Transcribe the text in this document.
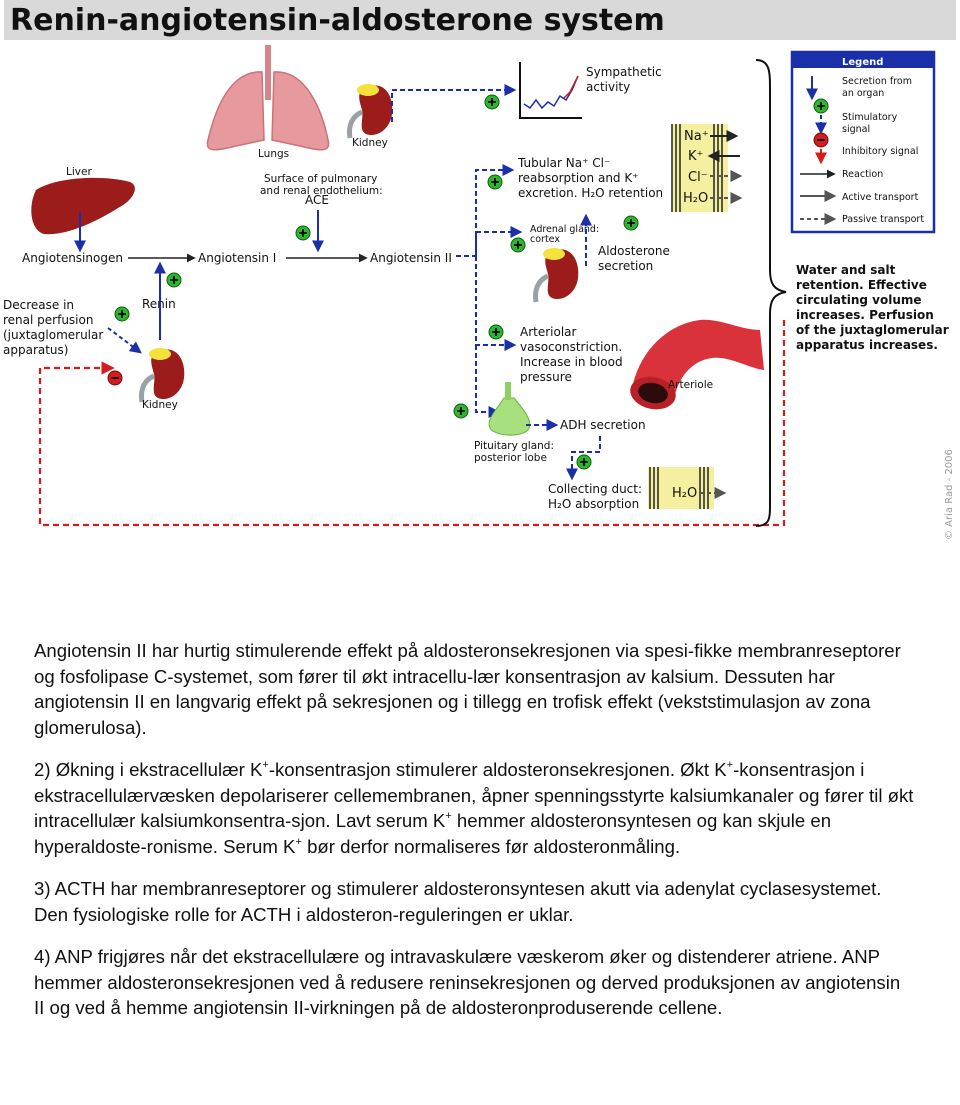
Renin-angiotensin-aldosterone system
Lungs
Kidney
Liver
Surface of pulmonary
and renal endothelium:
ACE
Angiotensinogen	Angiotensin I	Angiotensin II
Renin
Decrease in
renal perfusion
(juxtaglomerular
apparatus)
Kidney
Sympathetic
activity
Tubular Na⁺ Cl⁻
reabsorption and K⁺
excretion. H₂O retention
Na⁺
K⁺
Cl⁻
H₂O
Adrenal gland:
cortex
Aldosterone
secretion
Arteriolar
vasoconstriction.
Increase in blood
pressure
Arteriole
Pituitary gland:
posterior lobe
ADH secretion
Collecting duct:
H₂O absorption
H₂O
Water and salt
retention. Effective
circulating volume
increases. Perfusion
of the juxtaglomerular
apparatus increases.
Legend
Secretion from
an organ
Stimulatory
signal
Inhibitory signal
Reaction
Active transport
Passive transport
© Aria Rad - 2006

Angiotensin II har hurtig stimulerende effekt på aldosteronsekresjonen via spesi-fikke membranreseptorer og fosfolipase C-systemet, som fører til økt intracellu-lær konsentrasjon av kalsium. Dessuten har angiotensin II en langvarig effekt på sekresjonen og i tillegg en trofisk effekt (vekststimulasjon av zona glomerulosa).

2) Økning i ekstracellulær K+-konsentrasjon stimulerer aldosteronsekresjonen. Økt K+-konsentrasjon i ekstracellulærvæsken depolariserer cellemembranen, åpner spenningsstyrte kalsiumkanaler og fører til økt intracellulær kalsiumkonsentra-sjon. Lavt serum K+ hemmer aldosteronsyntesen og kan skjule en hyperaldoste-ronisme. Serum K+ bør derfor normaliseres før aldosteronmåling.

3) ACTH har membranreseptorer og stimulerer aldosteronsyntesen akutt via adenylat cyclasesystemet. Den fysiologiske rolle for ACTH i aldosteron-reguleringen er uklar.

4) ANP frigjøres når det ekstracellulære og intravaskulære væskerom øker og distenderer atriene. ANP hemmer aldosteronsekresjonen ved å redusere reninsekresjonen og derved produksjonen av angiotensin II og ved å hemme angiotensin II-virkningen på de aldosteronproduserende cellene.
